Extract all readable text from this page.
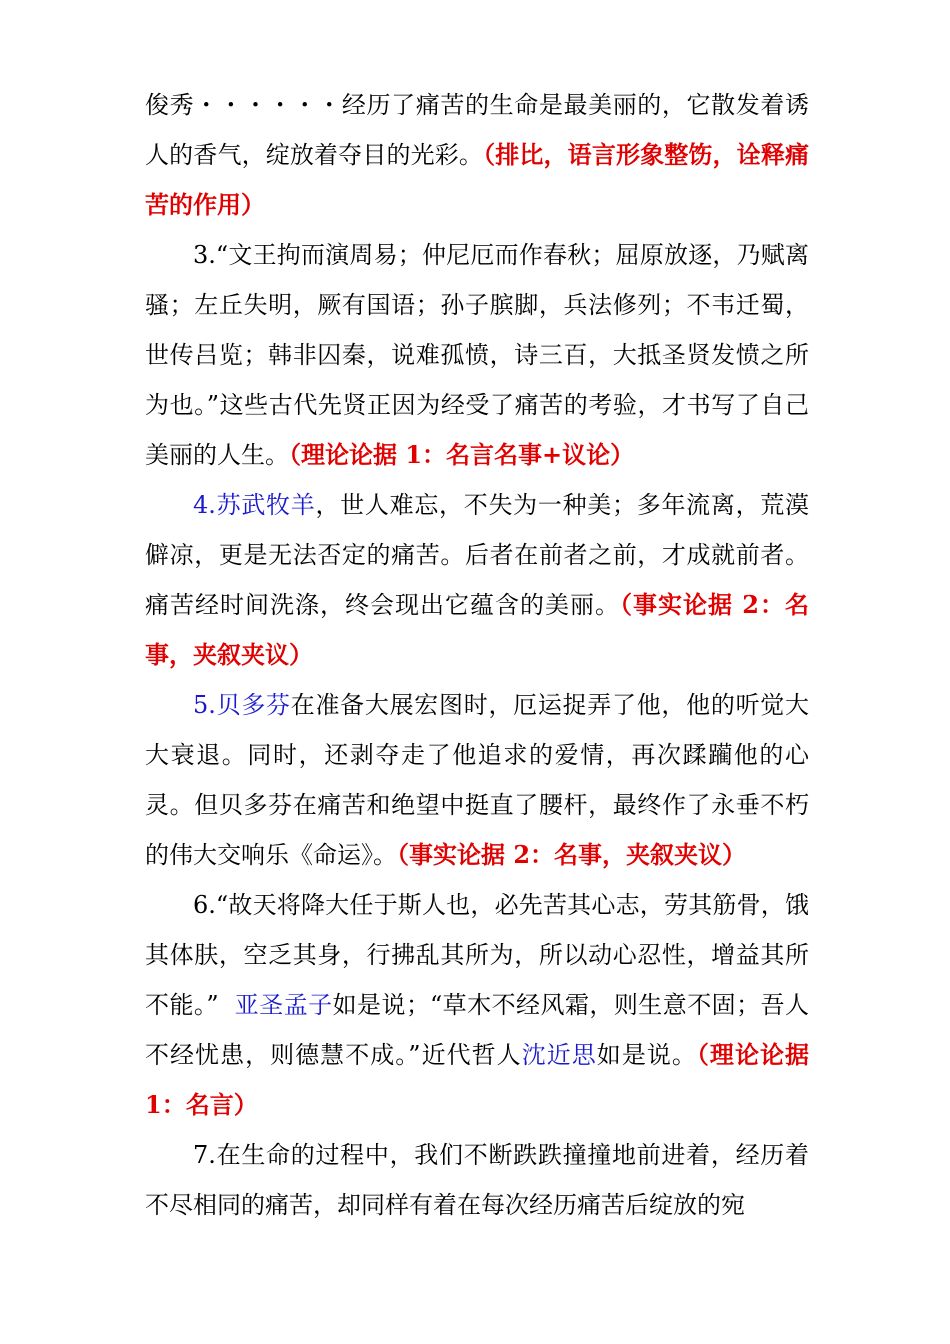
俊秀・・・・・・经历了痛苦的生命是最美丽的，它散发着诱人的香气，绽放着夺目的光彩。（排比，语言形象整饬，诠释痛苦的作用）

3.“文王拘而演周易；仲尼厄而作春秋；屈原放逐，乃赋离骚；左丘失明，厥有国语；孙子膑脚，兵法修列；不韦迁蜀，世传吕览；韩非囚秦，说难孤愤，诗三百，大抵圣贤发愤之所为也。”这些古代先贤正因为经受了痛苦的考验，才书写了自己美丽的人生。（理论论据 1：名言名事+议论）

4.苏武牧羊，世人难忘，不失为一种美；多年流离，荒漠僻凉，更是无法否定的痛苦。后者在前者之前，才成就前者。痛苦经时间洗涤，终会现出它蕴含的美丽。（事实论据 2：名事，夹叙夹议）

5.贝多芬在准备大展宏图时，厄运捉弄了他，他的听觉大大衰退。同时，还剥夺走了他追求的爱情，再次蹂躏他的心灵。但贝多芬在痛苦和绝望中挺直了腰杆，最终作了永垂不朽的伟大交响乐《命运》。（事实论据 2：名事，夹叙夹议）

6.“故天将降大任于斯人也，必先苦其心志，劳其筋骨，饿其体肤，空乏其身，行拂乱其所为，所以动心忍性，增益其所不能。”  亚圣孟子如是说；“草木不经风霜，则生意不固；吾人不经忧患，则德慧不成。”近代哲人沈近思如是说。（理论论据 1：名言）

7.在生命的过程中，我们不断跌跌撞撞地前进着，经历着不尽相同的痛苦，却同样有着在每次经历痛苦后绽放的宛
